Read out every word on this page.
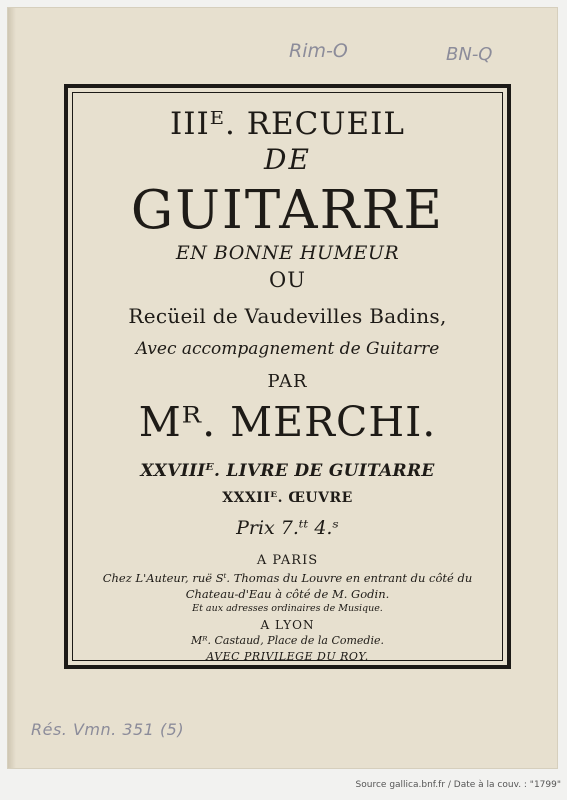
Rim-O	BN-Q
IIIᴱ. RECUEIL
DE
GUITARRE
EN BONNE HUMEUR
OU
Recüeil de Vaudevilles Badins,
Avec accompagnement de Guitarre
PAR
Mᴿ. MERCHI.
XXVIIIᴱ. LIVRE DE GUITARRE
XXXIIᴱ. ŒUVRE
Prix 7.ᵗᵗ 4.ˢ
A PARIS
Chez L'Auteur, ruë Sᵗ. Thomas du Louvre en entrant du côté du
Chateau-d'Eau à côté de M. Godin.
Et aux adresses ordinaires de Musique.
A LYON
Mᴿ. Castaud, Place de la Comedie.
AVEC PRIVILEGE DU ROY.
Rés. Vmn. 351 (5)
Source gallica.bnf.fr / Date à la couv. : "1799"
